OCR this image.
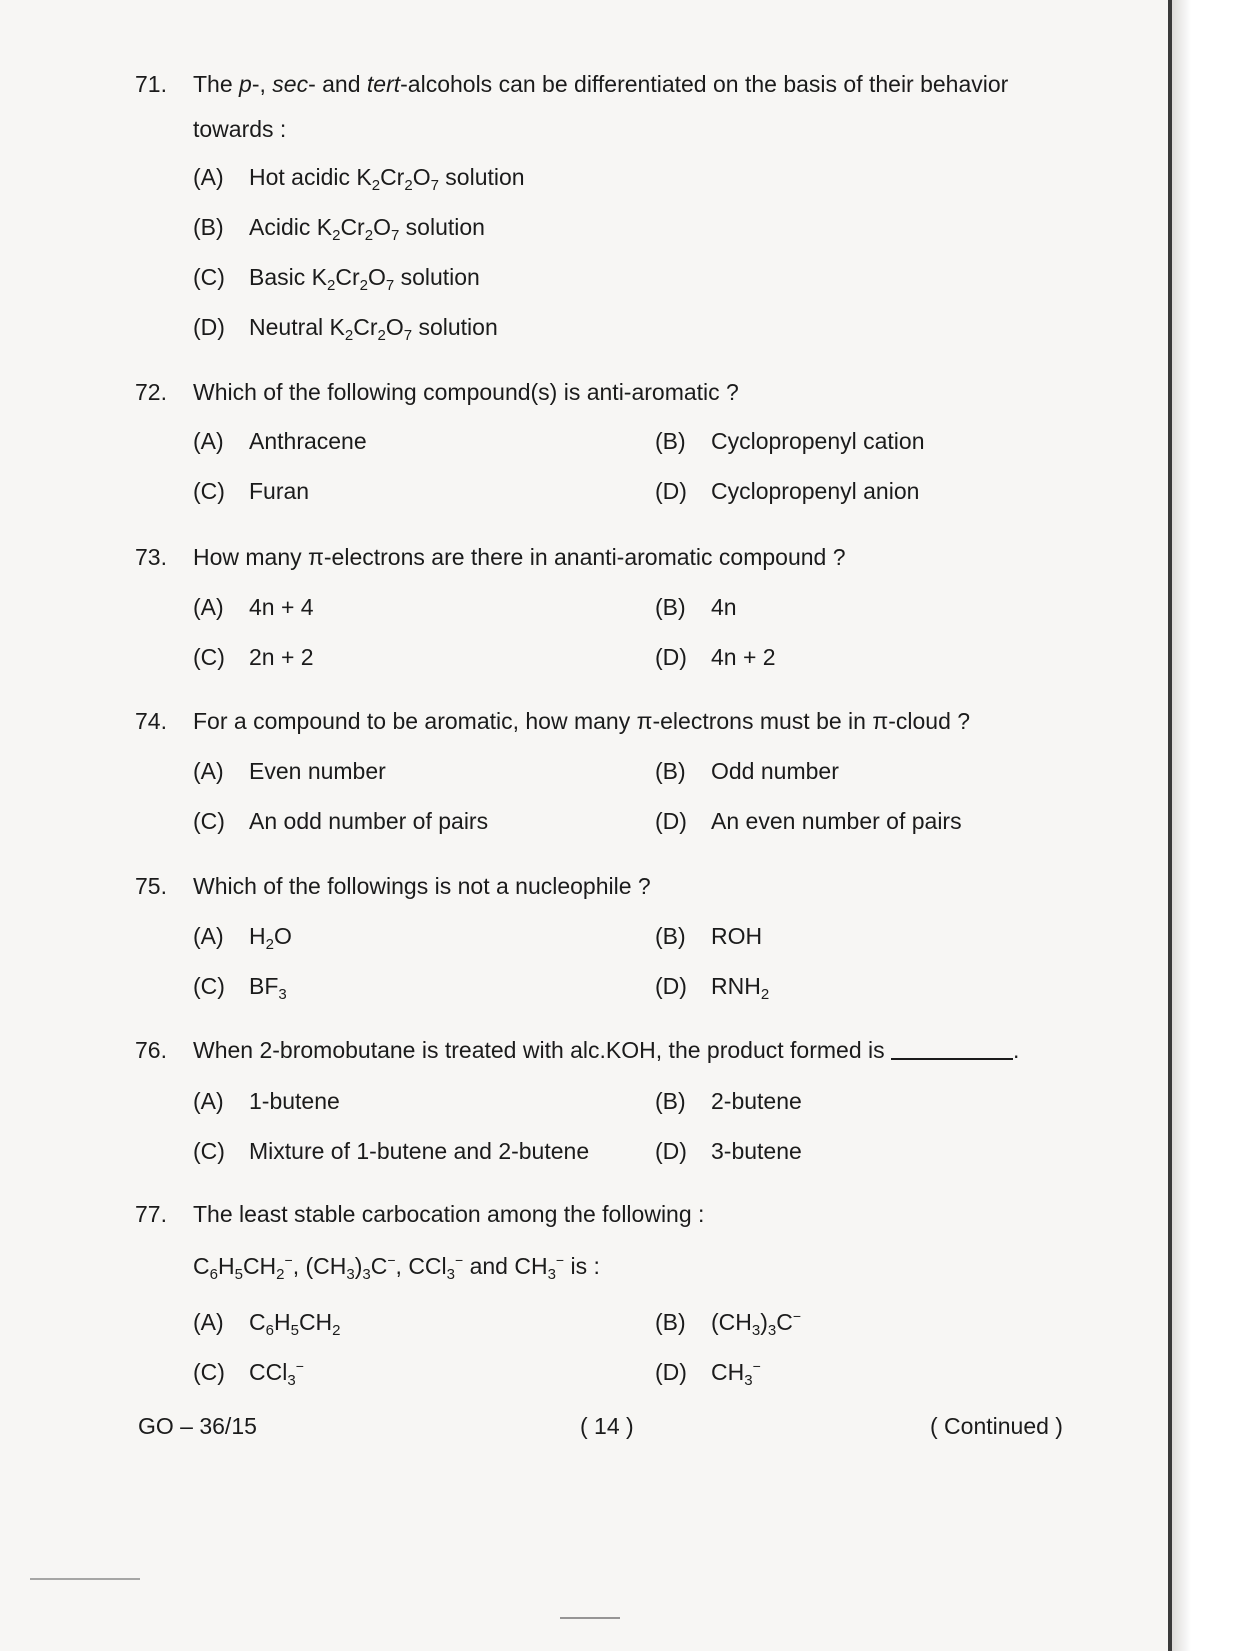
71. The p-, sec- and tert-alcohols can be differentiated on the basis of their behavior
towards :
(A) Hot acidic $K_2Cr_2O_7$ solution
(B) Acidic $K_2Cr_2O_7$ solution
(C) Basic $K_2Cr_2O_7$ solution
(D) Neutral $K_2Cr_2O_7$ solution
72. Which of the following compound(s) is anti-aromatic ?
(A) Anthracene	(B) Cyclopropenyl cation
(C) Furan	(D) Cyclopropenyl anion
73. How many π-electrons are there in ananti-aromatic compound ?
(A) 4n + 4	(B) 4n
(C) 2n + 2	(D) 4n + 2
74. For a compound to be aromatic, how many π-electrons must be in π-cloud ?
(A) Even number	(B) Odd number
(C) An odd number of pairs	(D) An even number of pairs
75. Which of the followings is not a nucleophile ?
(A) $H_2O$	(B) ROH
(C) $BF_3$	(D) $RNH_2$
76. When 2-bromobutane is treated with alc.KOH, the product formed is	.
(A) 1-butene	(B) 2-butene
(C) Mixture of 1-butene and 2-butene	(D) 3-butene
77. The least stable carbocation among the following :
$C_6H_5CH_2^-$, $(CH_3)_3C^-$, CCl$_3$− and $CH_3^-$ is :
(A) $C_6H_5CH_2$	(B) $(CH_3)_3C^-$
(C) CCl$_3$−	(D) $CH_3^-$
GO – 36/15	( 14 )	( Continued )
